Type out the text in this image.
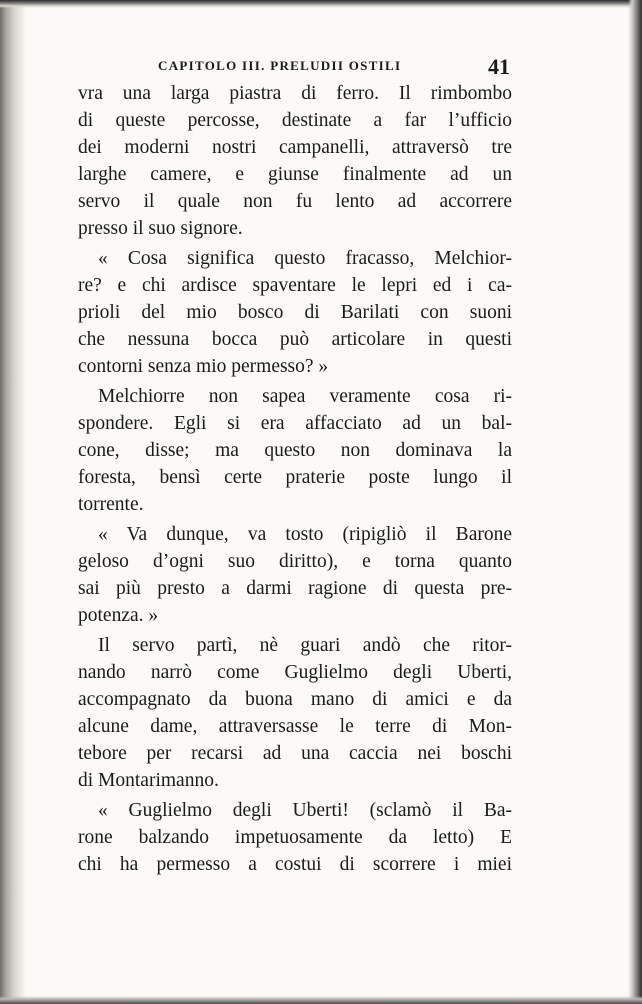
CAPITOLO III. PRELUDII OSTILI	41
vra una larga piastra di ferro. Il rimbombo
di queste percosse, destinate a far l’ufficio
dei moderni nostri campanelli, attraversò tre
larghe camere, e giunse finalmente ad un
servo il quale non fu lento ad accorrere
presso il suo signore.
« Cosa significa questo fracasso, Melchior-
re? e chi ardisce spaventare le lepri ed i ca-
prioli del mio bosco di Barilati con suoni
che nessuna bocca può articolare in questi
contorni senza mio permesso? »
Melchiorre non sapea veramente cosa ri-
spondere. Egli si era affacciato ad un bal-
cone, disse; ma questo non dominava la
foresta, bensì certe praterie poste lungo il
torrente.
« Va dunque, va tosto (ripigliò il Barone
geloso d’ogni suo diritto), e torna quanto
sai più presto a darmi ragione di questa pre-
potenza. »
Il servo partì, nè guari andò che ritor-
nando narrò come Guglielmo degli Uberti,
accompagnato da buona mano di amici e da
alcune dame, attraversasse le terre di Mon-
tebore per recarsi ad una caccia nei boschi
di Montarimanno.
« Guglielmo degli Uberti! (sclamò il Ba-
rone balzando impetuosamente da letto) E
chi ha permesso a costui di scorrere i miei
